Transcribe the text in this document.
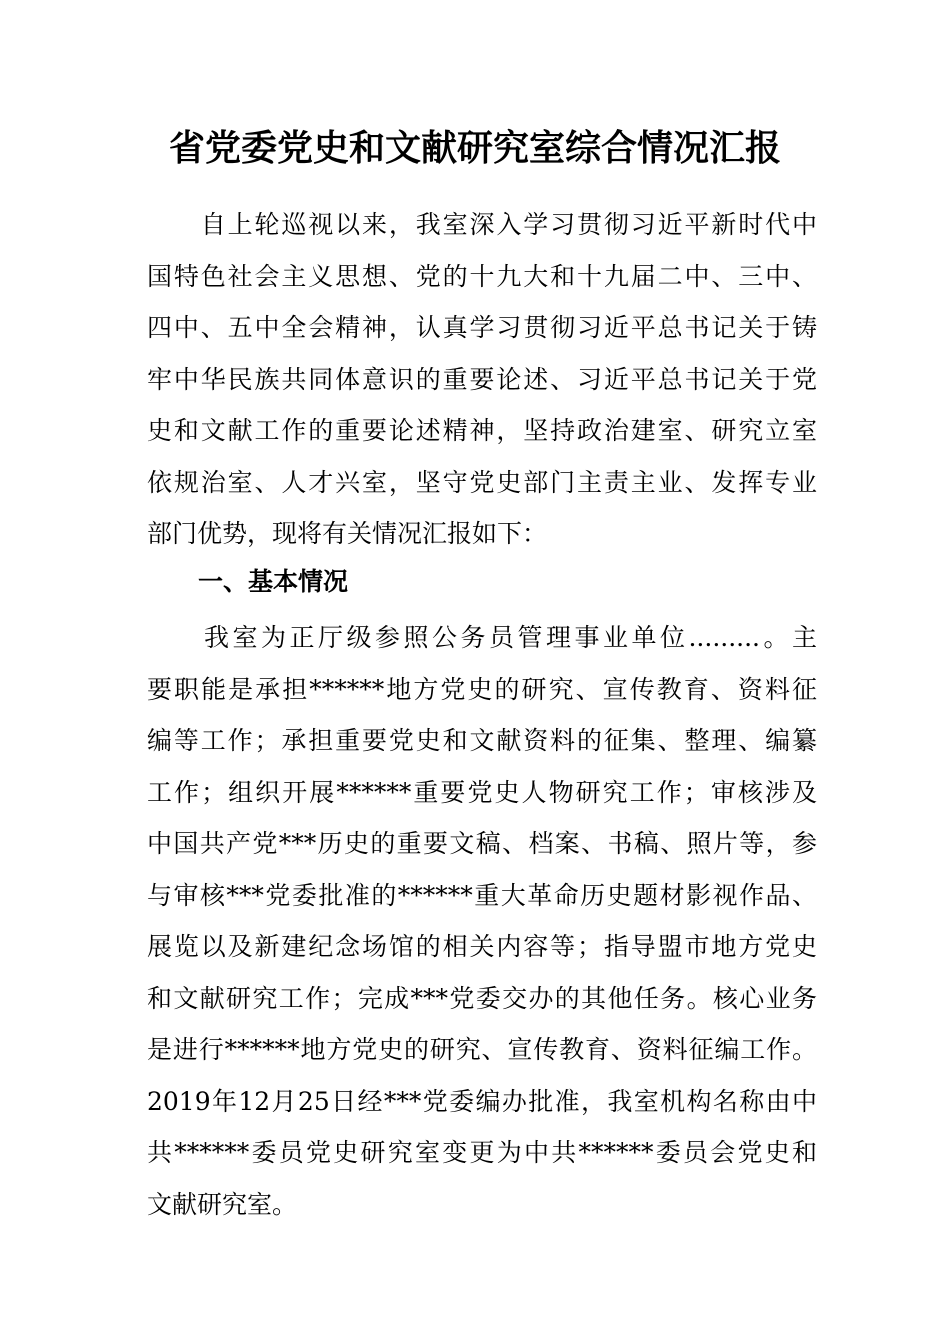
省党委党史和文献研究室综合情况汇报
　　自上轮巡视以来，我室深入学习贯彻习近平新时代中
国特色社会主义思想、党的十九大和十九届二中、三中、
四中、五中全会精神，认真学习贯彻习近平总书记关于铸
牢中华民族共同体意识的重要论述、习近平总书记关于党
史和文献工作的重要论述精神，坚持政治建室、研究立室
依规治室、人才兴室，坚守党史部门主责主业、发挥专业
部门优势，现将有关情况汇报如下：
一、基本情况
　　我室为正厅级参照公务员管理事业单位.........。主
要职能是承担******地方党史的研究、宣传教育、资料征
编等工作；承担重要党史和文献资料的征集、整理、编纂
工作；组织开展******重要党史人物研究工作；审核涉及
中国共产党***历史的重要文稿、档案、书稿、照片等，参
与审核***党委批准的******重大革命历史题材影视作品、
展览以及新建纪念场馆的相关内容等；指导盟市地方党史
和文献研究工作；完成***党委交办的其他任务。核心业务
是进行******地方党史的研究、宣传教育、资料征编工作。
2019年12月25日经***党委编办批准，我室机构名称由中
共******委员党史研究室变更为中共******委员会党史和
文献研究室。
